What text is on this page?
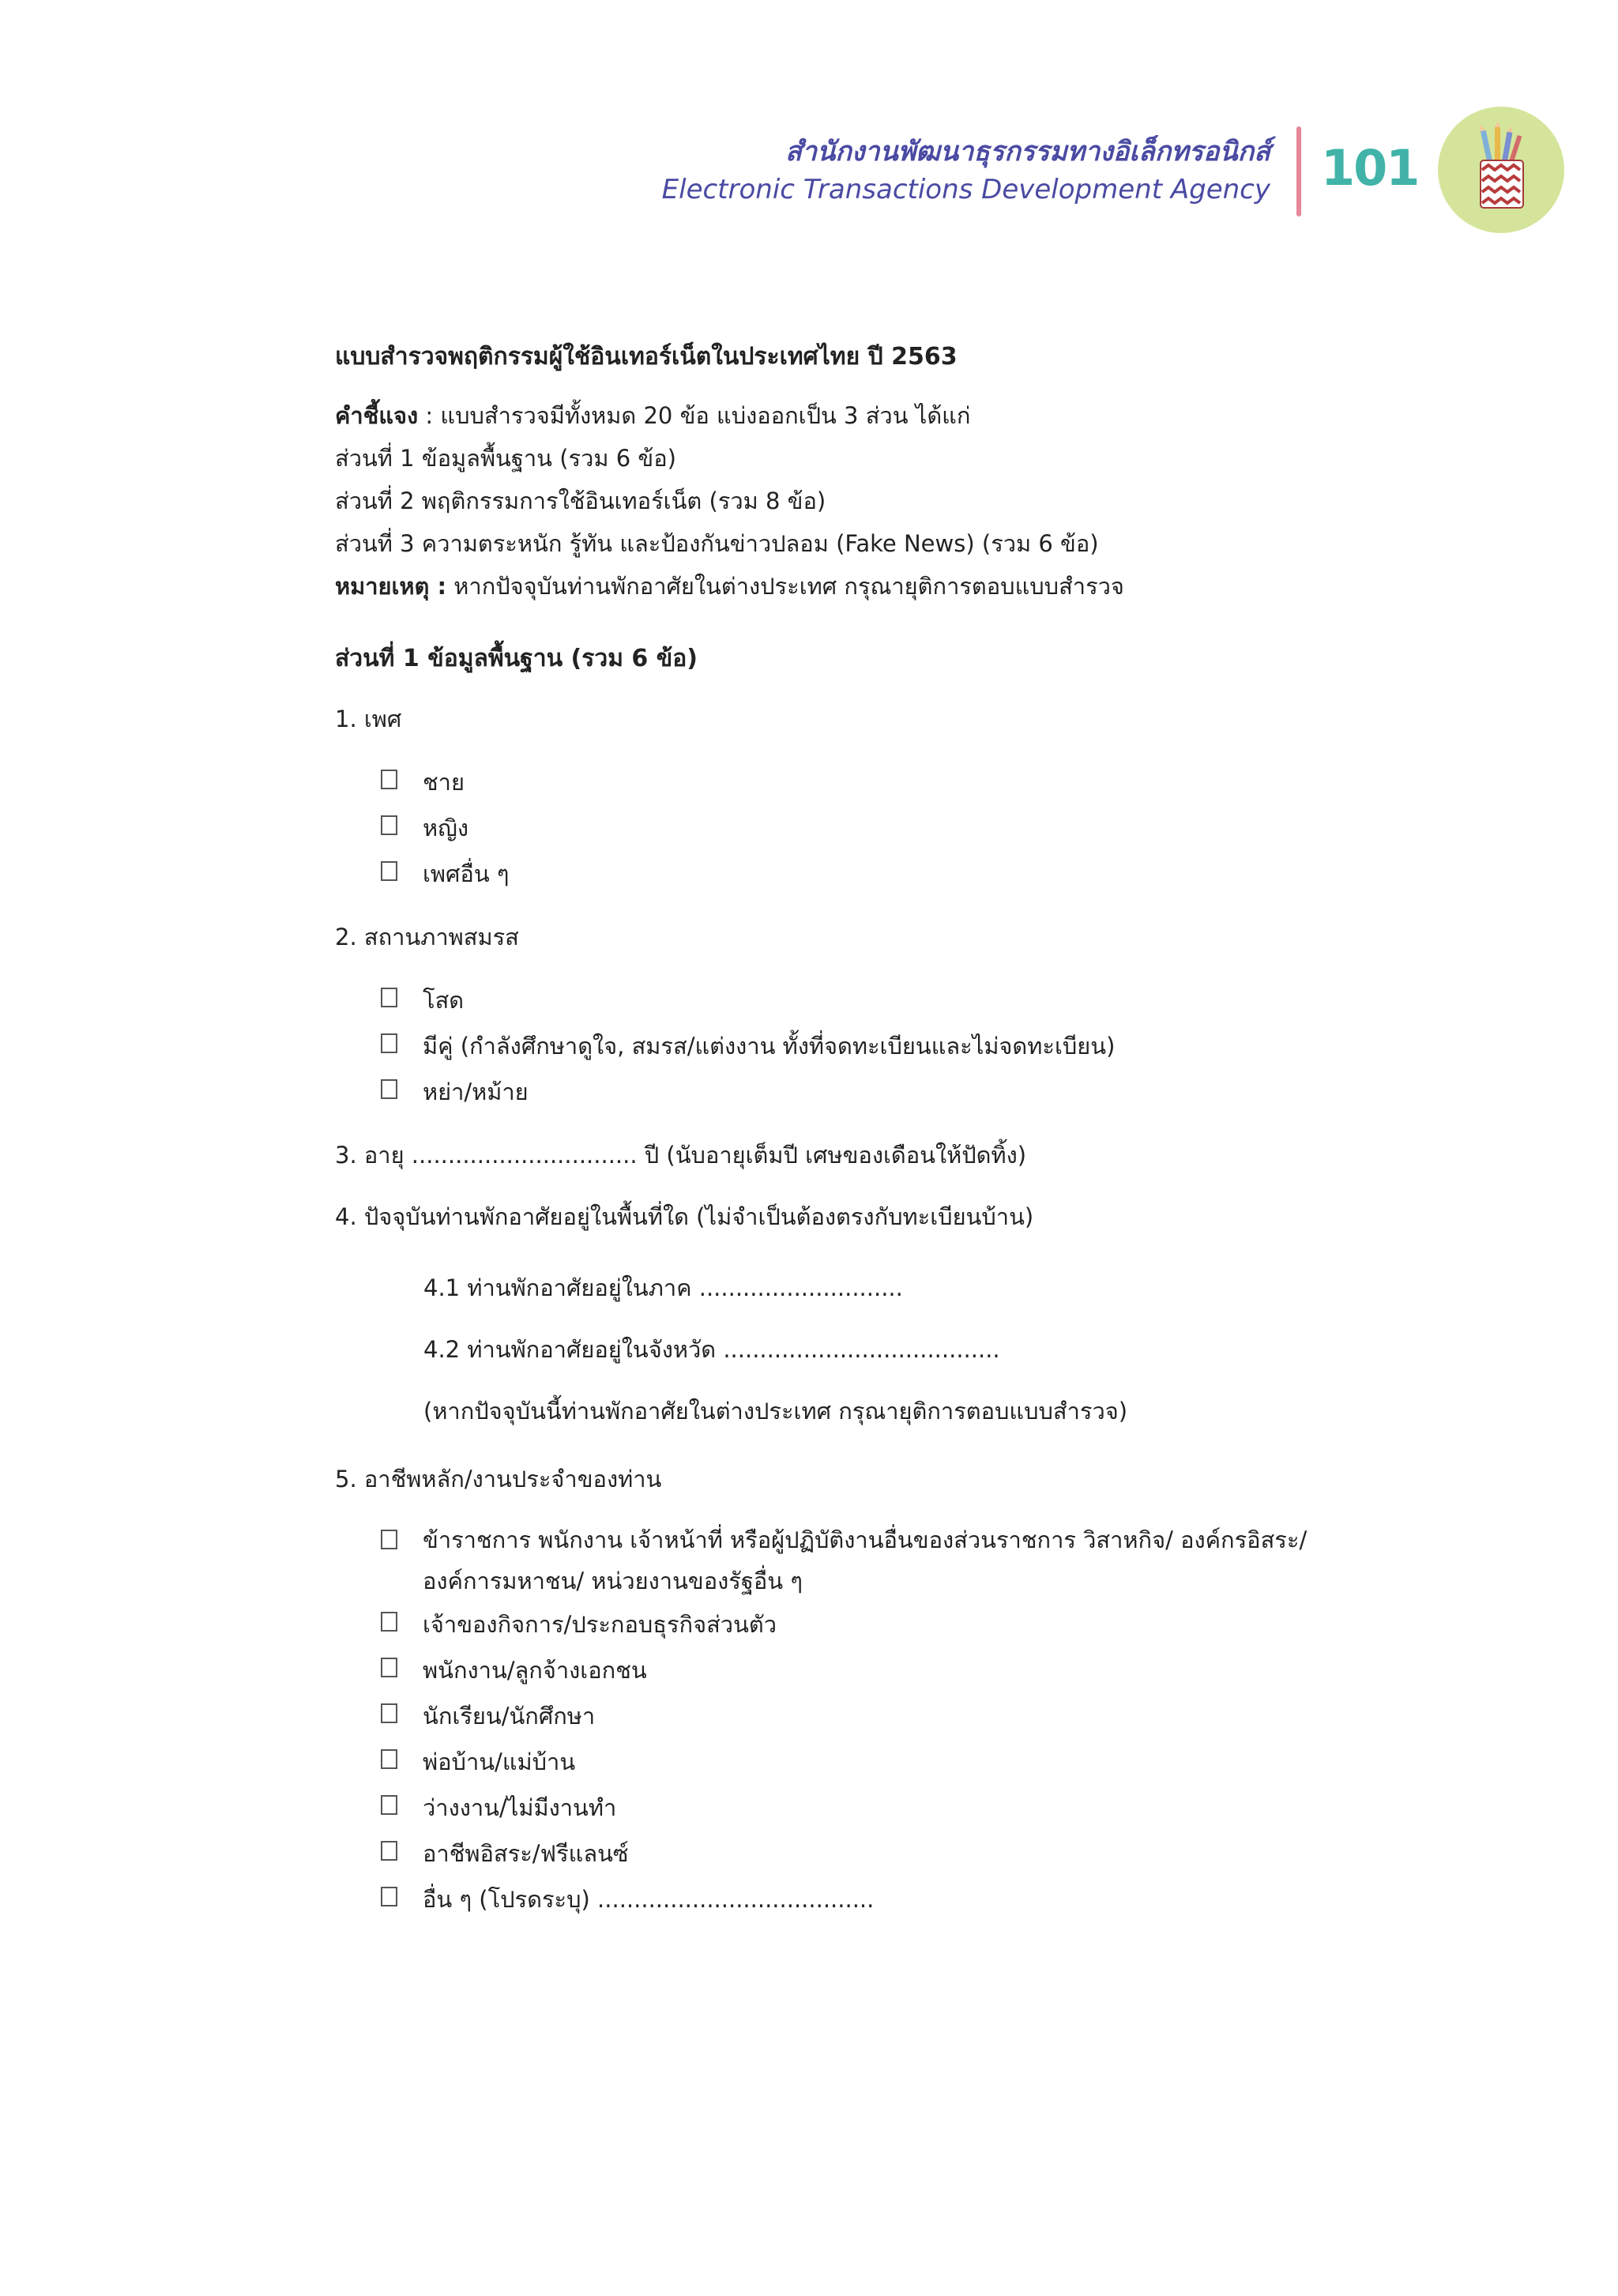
สำนักงานพัฒนาธุรกรรมทางอิเล็กทรอนิกส์
Electronic Transactions Development Agency 101
แบบสำรวจพฤติกรรมผู้ใช้อินเทอร์เน็ตในประเทศไทย ปี 2563
คำชี้แจง : แบบสำรวจมีทั้งหมด 20 ข้อ แบ่งออกเป็น 3 ส่วน ได้แก่
ส่วนที่ 1 ข้อมูลพื้นฐาน (รวม 6 ข้อ)
ส่วนที่ 2 พฤติกรรมการใช้อินเทอร์เน็ต (รวม 8 ข้อ)
ส่วนที่ 3 ความตระหนัก รู้ทัน และป้องกันข่าวปลอม (Fake News) (รวม 6 ข้อ)
หมายเหตุ : หากปัจจุบันท่านพักอาศัยในต่างประเทศ กรุณายุติการตอบแบบสำรวจ
ส่วนที่ 1 ข้อมูลพื้นฐาน (รวม 6 ข้อ)
1. เพศ
ชาย
หญิง
เพศอื่น ๆ
2. สถานภาพสมรส
โสด
มีคู่ (กำลังศึกษาดูใจ, สมรส/แต่งงาน ทั้งที่จดทะเบียนและไม่จดทะเบียน)
หย่า/หม้าย
3. อายุ ............................... ปี (นับอายุเต็มปี เศษของเดือนให้ปัดทิ้ง)
4. ปัจจุบันท่านพักอาศัยอยู่ในพื้นที่ใด (ไม่จำเป็นต้องตรงกับทะเบียนบ้าน)
4.1 ท่านพักอาศัยอยู่ในภาค ............................
4.2 ท่านพักอาศัยอยู่ในจังหวัด ......................................
(หากปัจจุบันนี้ท่านพักอาศัยในต่างประเทศ กรุณายุติการตอบแบบสำรวจ)
5. อาชีพหลัก/งานประจำของท่าน
ข้าราชการ พนักงาน เจ้าหน้าที่ หรือผู้ปฏิบัติงานอื่นของส่วนราชการ วิสาหกิจ/ องค์กรอิสระ/
องค์การมหาชน/ หน่วยงานของรัฐอื่น ๆ
เจ้าของกิจการ/ประกอบธุรกิจส่วนตัว
พนักงาน/ลูกจ้างเอกชน
นักเรียน/นักศึกษา
พ่อบ้าน/แม่บ้าน
ว่างงาน/ไม่มีงานทำ
อาชีพอิสระ/ฟรีแลนซ์
อื่น ๆ (โปรดระบุ) ......................................
